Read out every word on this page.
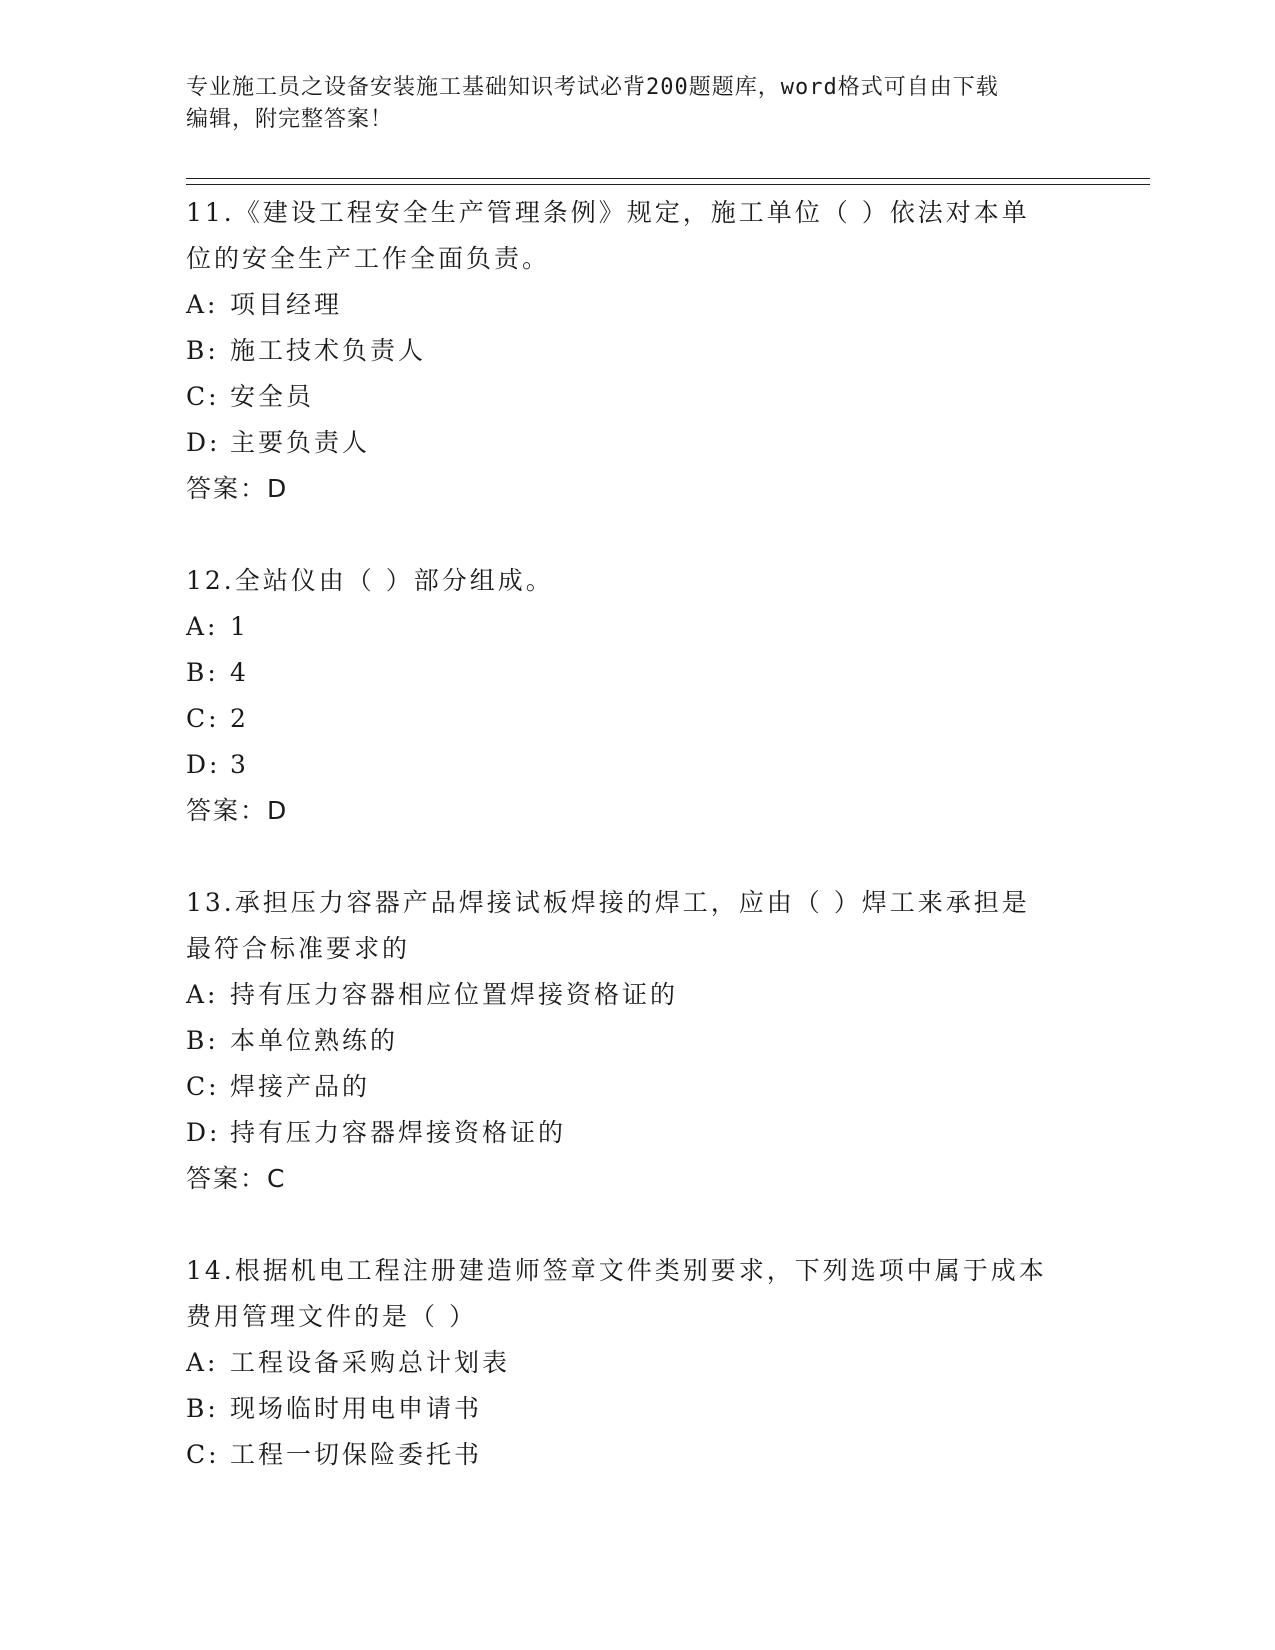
专业施工员之设备安装施工基础知识考试必背200题题库，word格式可自由下载
编辑，附完整答案！

11.《建设工程安全生产管理条例》规定，施工单位（ ）依法对本单

位的安全生产工作全面负责。

A: 项目经理

B: 施工技术负责人

C: 安全员

D: 主要负责人

答案：D

12.全站仪由（ ）部分组成。

A: 1

B: 4

C: 2

D: 3

答案：D

13.承担压力容器产品焊接试板焊接的焊工，应由（ ）焊工来承担是

最符合标准要求的

A: 持有压力容器相应位置焊接资格证的

B: 本单位熟练的

C: 焊接产品的

D: 持有压力容器焊接资格证的

答案：C

14.根据机电工程注册建造师签章文件类别要求，下列选项中属于成本

费用管理文件的是（ ）

A: 工程设备采购总计划表

B: 现场临时用电申请书

C: 工程一切保险委托书
